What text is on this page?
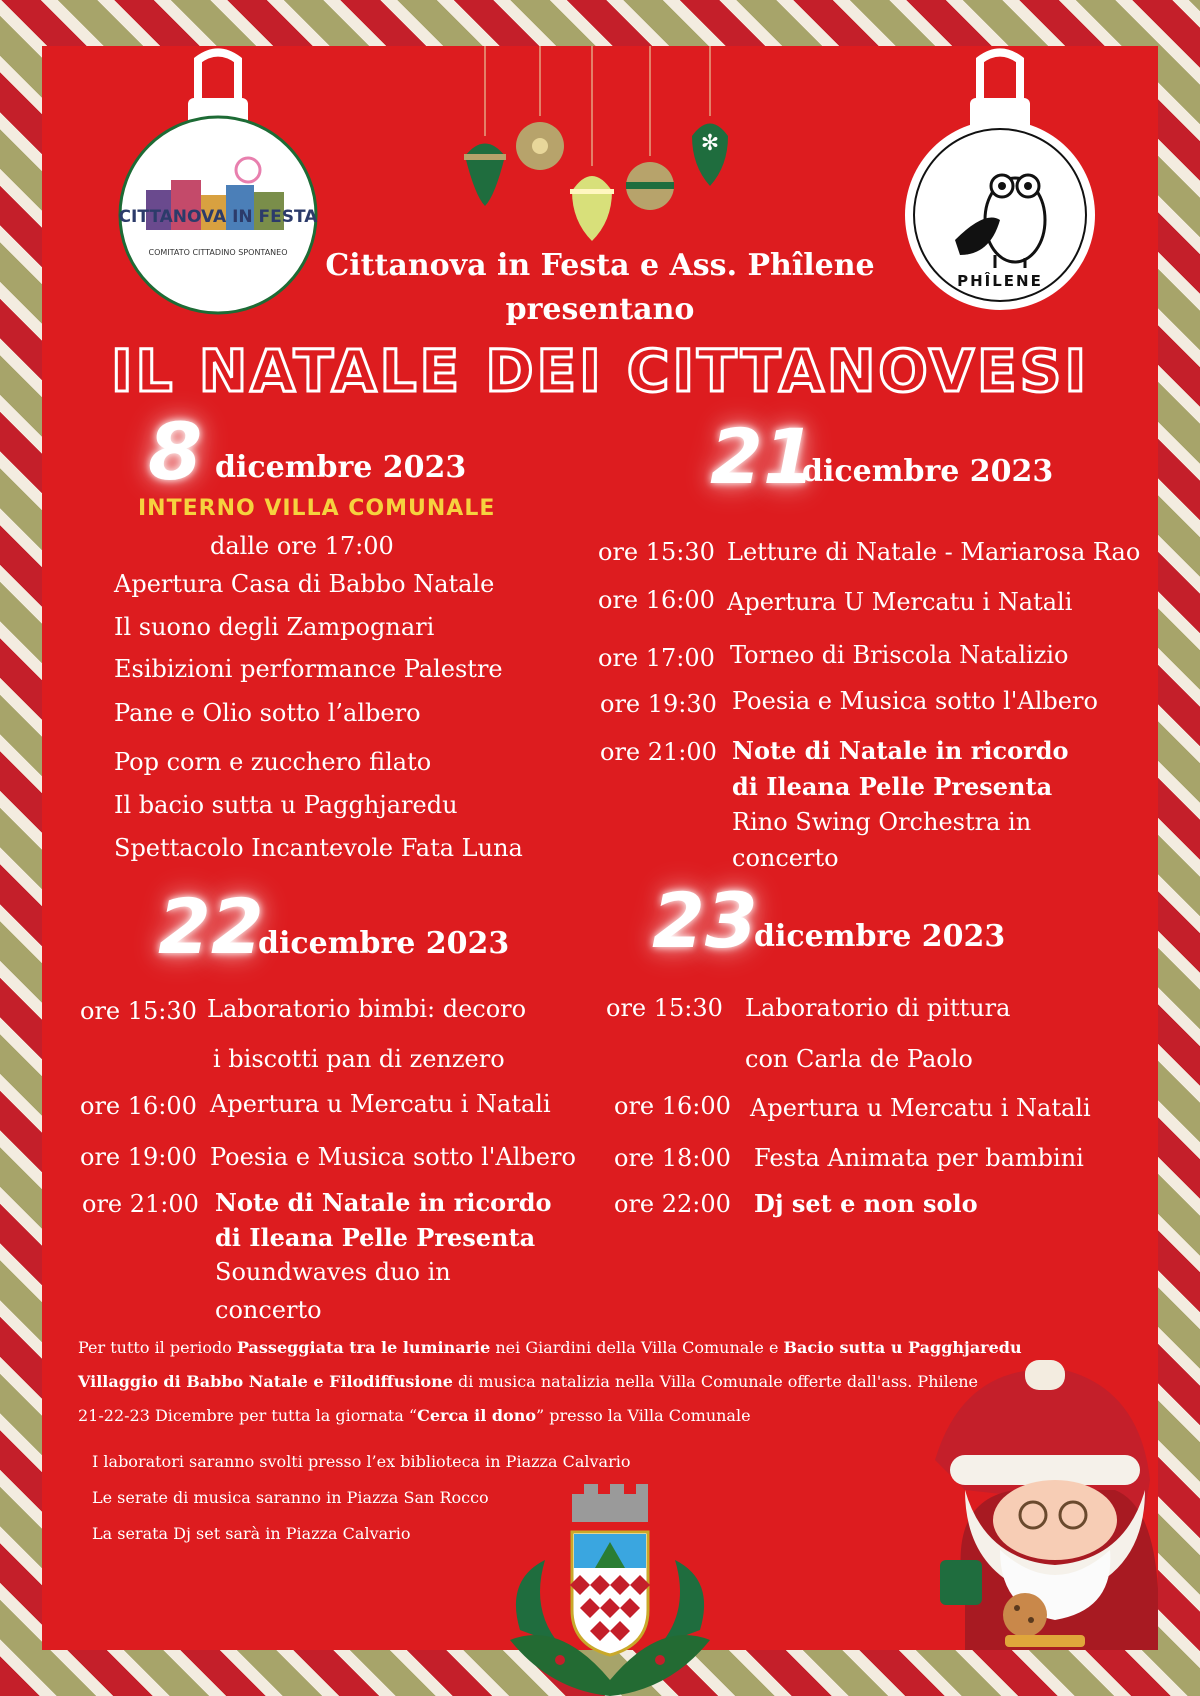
✻
CITTANOVA IN FESTA
COMITATO CITTADINO SPONTANEO
PHÎLENE
Cittanova in Festa e Ass. Phîlene
presentano
IL NATALE DEI CITTANOVESI
8 dicembre 2023
INTERNO VILLA COMUNALE
dalle ore 17:00
Apertura Casa di Babbo Natale
Il suono degli Zampognari
Esibizioni performance Palestre
Pane e Olio sotto l’albero
Pop corn e zucchero filato
Il bacio sutta u Pagghjaredu
Spettacolo Incantevole Fata Luna
21
dicembre 2023
ore 15:30 Letture di Natale - Mariarosa Rao
ore 16:00 Apertura U Mercatu i Natali
ore 17:00 Torneo di Briscola Natalizio
ore 19:30 Poesia e Musica sotto l'Albero
ore 21:00 Note di Natale in ricordo
di Ileana Pelle Presenta
Rino Swing Orchestra in
concerto
22
dicembre 2023
ore 15:30 Laboratorio bimbi: decoro
i biscotti pan di zenzero
ore 16:00 Apertura u Mercatu i Natali
ore 19:00 Poesia e Musica sotto l'Albero
ore 21:00 Note di Natale in ricordo
di Ileana Pelle Presenta
Soundwaves duo in
concerto
23
dicembre 2023
ore 15:30 Laboratorio di pittura
con Carla de Paolo
ore 16:00 Apertura u Mercatu i Natali
ore 18:00 Festa Animata per bambini
ore 22:00 Dj set e non solo
Per tutto il periodo Passeggiata tra le luminarie nei Giardini della Villa Comunale e Bacio sutta u Pagghjaredu
Villaggio di Babbo Natale e Filodiffusione di musica natalizia nella Villa Comunale offerte dall'ass. Philene
21-22-23 Dicembre per tutta la giornata “Cerca il dono” presso la Villa Comunale
I laboratori saranno svolti presso l’ex biblioteca in Piazza Calvario
Le serate di musica saranno in Piazza San Rocco
La serata Dj set sarà in Piazza Calvario
